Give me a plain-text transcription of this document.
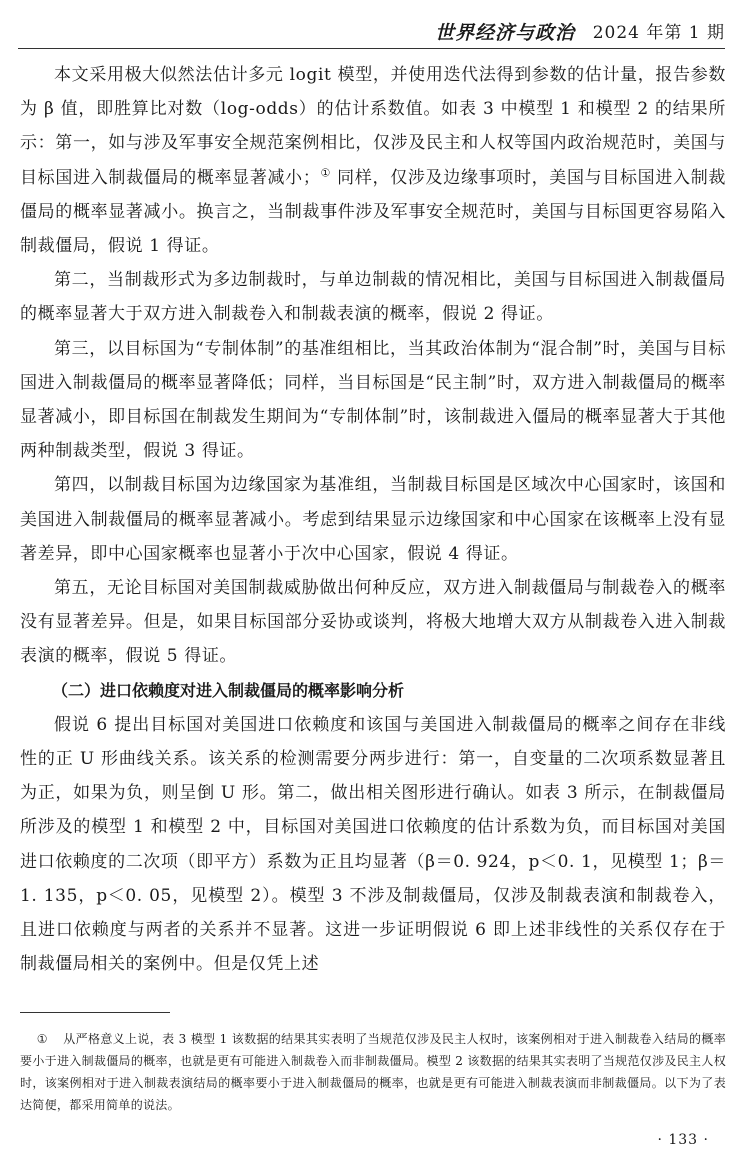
世界经济与政治 2024 年第 1 期

本文采用极大似然法估计多元 logit 模型，并使用迭代法得到参数的估计量，报告参数为 β 值，即胜算比对数（log-odds）的估计系数值。如表 3 中模型 1 和模型 2 的结果所示：第一，如与涉及军事安全规范案例相比，仅涉及民主和人权等国内政治规范时，美国与目标国进入制裁僵局的概率显著减小；① 同样，仅涉及边缘事项时，美国与目标国进入制裁僵局的概率显著减小。换言之，当制裁事件涉及军事安全规范时，美国与目标国更容易陷入制裁僵局，假说 1 得证。

第二，当制裁形式为多边制裁时，与单边制裁的情况相比，美国与目标国进入制裁僵局的概率显著大于双方进入制裁卷入和制裁表演的概率，假说 2 得证。

第三，以目标国为“专制体制”的基准组相比，当其政治体制为“混合制”时，美国与目标国进入制裁僵局的概率显著降低；同样，当目标国是“民主制”时，双方进入制裁僵局的概率显著减小，即目标国在制裁发生期间为“专制体制”时，该制裁进入僵局的概率显著大于其他两种制裁类型，假说 3 得证。

第四，以制裁目标国为边缘国家为基准组，当制裁目标国是区域次中心国家时，该国和美国进入制裁僵局的概率显著减小。考虑到结果显示边缘国家和中心国家在该概率上没有显著差异，即中心国家概率也显著小于次中心国家，假说 4 得证。

第五，无论目标国对美国制裁威胁做出何种反应，双方进入制裁僵局与制裁卷入的概率没有显著差异。但是，如果目标国部分妥协或谈判，将极大地增大双方从制裁卷入进入制裁表演的概率，假说 5 得证。

（二）进口依赖度对进入制裁僵局的概率影响分析

假说 6 提出目标国对美国进口依赖度和该国与美国进入制裁僵局的概率之间存在非线性的正 U 形曲线关系。该关系的检测需要分两步进行：第一，自变量的二次项系数显著且为正，如果为负，则呈倒 U 形。第二，做出相关图形进行确认。如表 3 所示，在制裁僵局所涉及的模型 1 和模型 2 中，目标国对美国进口依赖度的估计系数为负，而目标国对美国进口依赖度的二次项（即平方）系数为正且均显著（β＝0. 924，p＜0. 1，见模型 1；β＝1. 135，p＜0. 05，见模型 2）。模型 3 不涉及制裁僵局，仅涉及制裁表演和制裁卷入，且进口依赖度与两者的关系并不显著。这进一步证明假说 6 即上述非线性的关系仅存在于制裁僵局相关的案例中。但是仅凭上述

① 从严格意义上说，表 3 模型 1 该数据的结果其实表明了当规范仅涉及民主人权时，该案例相对于进入制裁卷入结局的概率要小于进入制裁僵局的概率，也就是更有可能进入制裁卷入而非制裁僵局。模型 2 该数据的结果其实表明了当规范仅涉及民主人权时，该案例相对于进入制裁表演结局的概率要小于进入制裁僵局的概率，也就是更有可能进入制裁表演而非制裁僵局。以下为了表达简便，都采用简单的说法。

· 133 ·
